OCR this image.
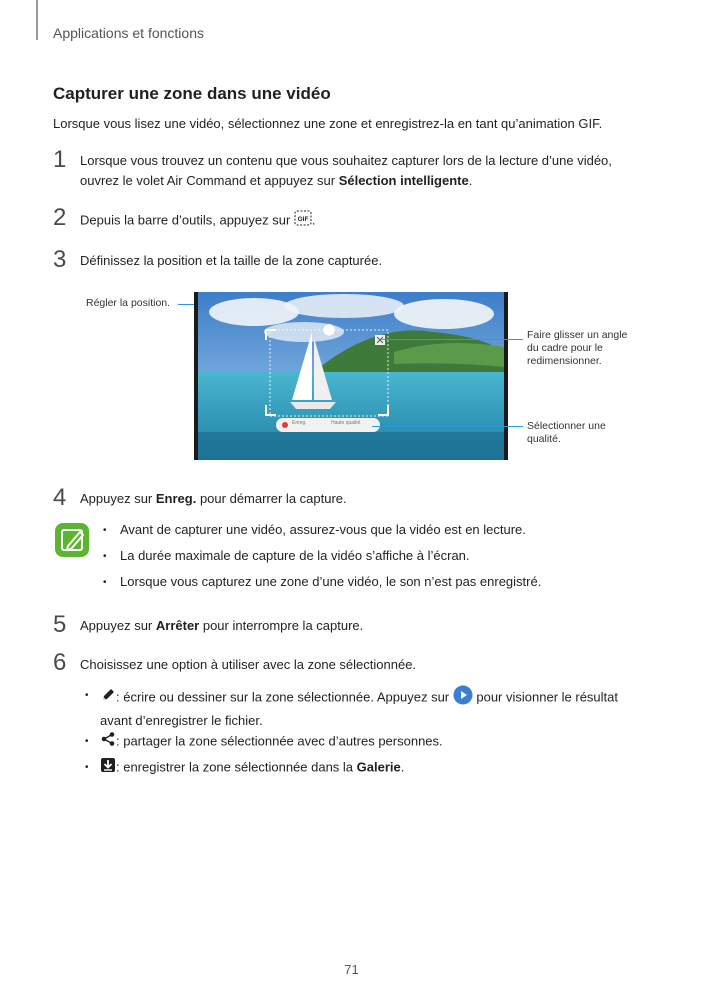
Applications et fonctions
Capturer une zone dans une vidéo
Lorsque vous lisez une vidéo, sélectionnez une zone et enregistrez-la en tant qu’animation GIF.
1 Lorsque vous trouvez un contenu que vous souhaitez capturer lors de la lecture d’une vidéo,
ouvrez le volet Air Command et appuyez sur Sélection intelligente.
2 Depuis la barre d’outils, appuyez sur GIF .
3 Définissez la position et la taille de la zone capturée.
Régler la position.
Enreg.	Haute qualité
Faire glisser un angle
du cadre pour le
redimensionner.
Sélectionner une
qualité.
4 Appuyez sur Enreg. pour démarrer la capture.
• Avant de capturer une vidéo, assurez-vous que la vidéo est en lecture.
• La durée maximale de capture de la vidéo s’affiche à l’écran.
• Lorsque vous capturez une zone d’une vidéo, le son n’est pas enregistré.
5 Appuyez sur Arrêter pour interrompre la capture.
6 Choisissez une option à utiliser avec la zone sélectionnée.
•	: écrire ou dessiner sur la zone sélectionnée. Appuyez sur  pour visionner le résultat
avant d’enregistrer le fichier.
•	: partager la zone sélectionnée avec d’autres personnes.
•	: enregistrer la zone sélectionnée dans la Galerie.
71
